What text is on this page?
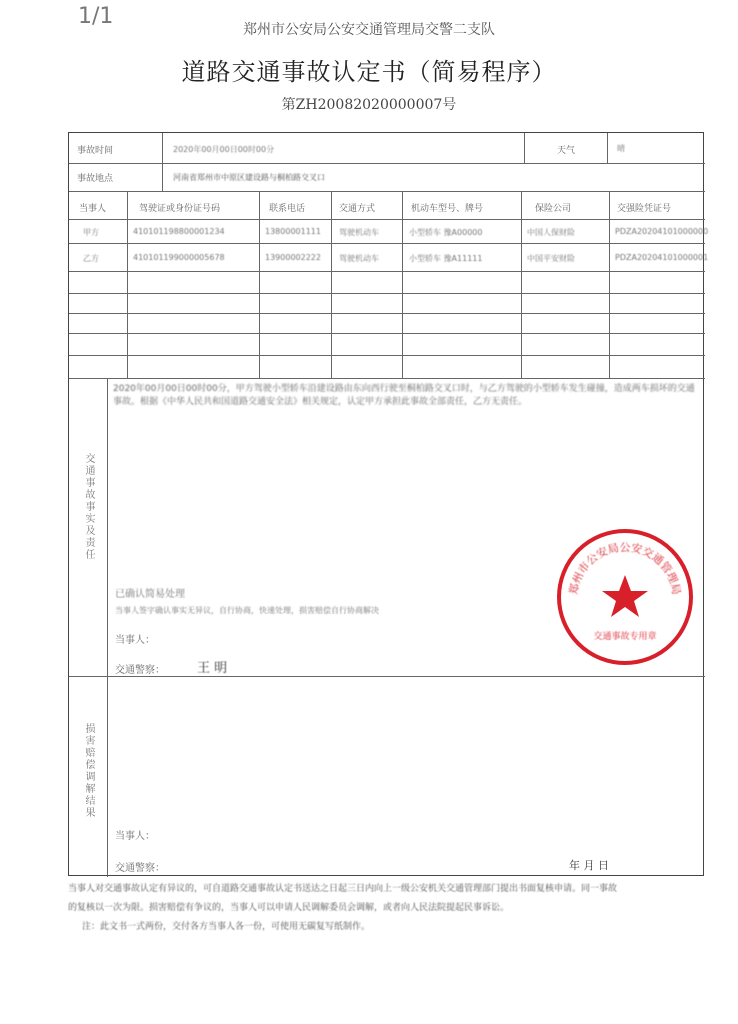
1/1
郑州市公安局公安交通管理局交警二支队
道路交通事故认定书（简易程序）
第ZH20082020000007号
事故时间	2020年00月00日00时00分	天气	晴
事故地点	河南省郑州市中原区建设路与桐柏路交叉口
当事人	驾驶证或身份证号码	联系电话	交通方式	机动车型号、牌号	保险公司	交强险凭证号
甲方	410101198800001234	13800001111 驾驶机动车	小型轿车 豫A00000	中国人保财险	PDZA20204101000000
乙方	410101199000005678	13900002222 驾驶机动车	小型轿车 豫A11111	中国平安财险	PDZA20204101000001
交通事故事实及责任
2020年00月00日00时00分，甲方驾驶小型轿车沿建设路由东向西行驶至桐柏路交叉口时，与乙方驾驶的小型轿车发生碰撞，造成两车损坏的交通事故。根据《中华人民共和国道路交通安全法》相关规定，认定甲方承担此事故全部责任，乙方无责任。
已确认简易处理
当事人签字确认事实无异议，自行协商，快速处理，损害赔偿自行协商解决
当事人：
交通警察： 王 明
损害赔偿调解结果
当事人：
交通警察：	年 月 日
郑州市公安局公安交通管理局
交通事故专用章
当事人对交通事故认定有异议的，可自道路交通事故认定书送达之日起三日内向上一级公安机关交通管理部门提出书面复核申请。同一事故
的复核以一次为限。损害赔偿有争议的，当事人可以申请人民调解委员会调解，或者向人民法院提起民事诉讼。
注：此文书一式两份，交付各方当事人各一份，可使用无碳复写纸制作。
